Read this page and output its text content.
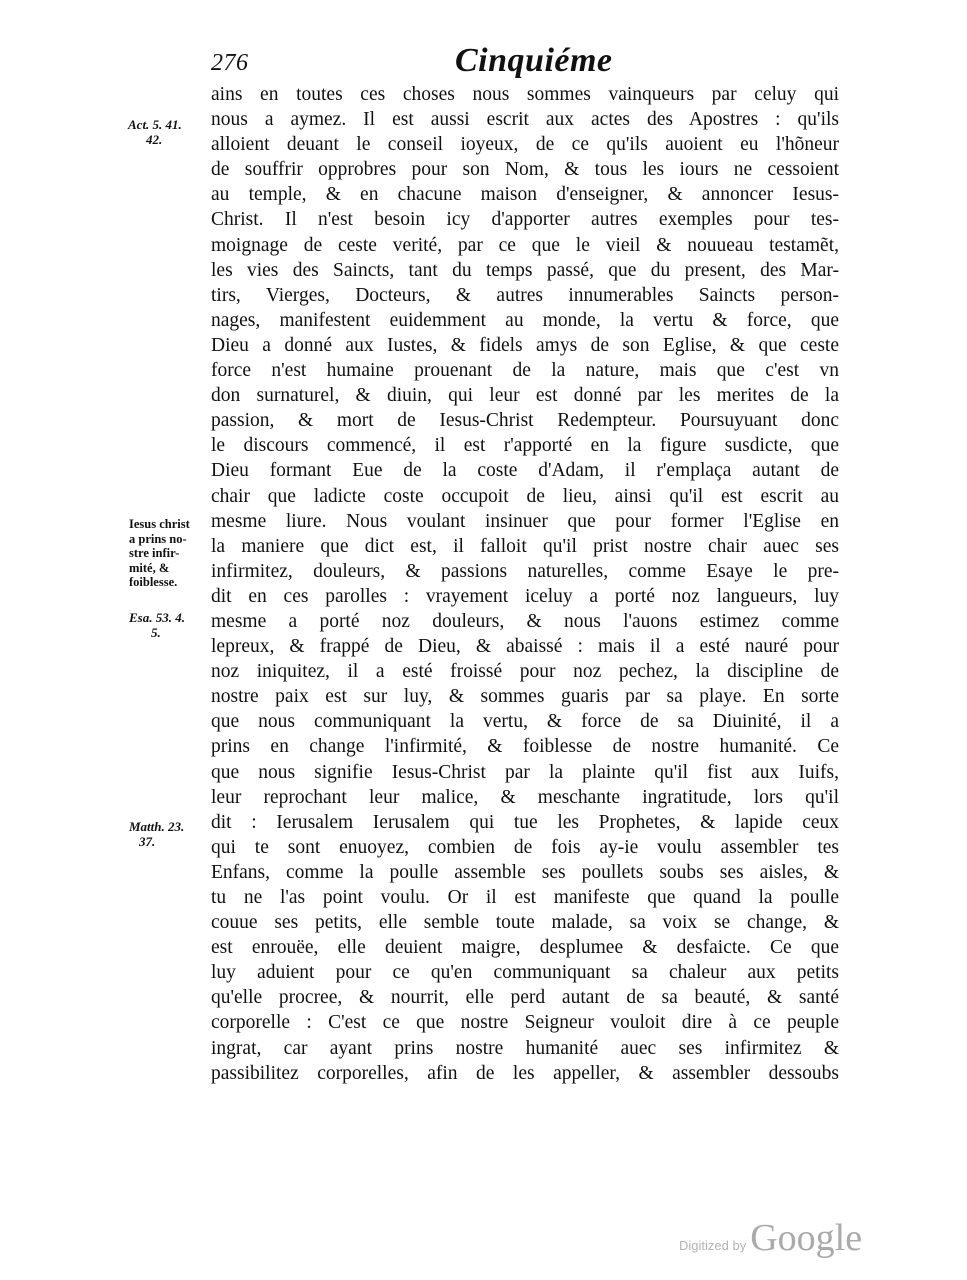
276	Cinquiéme
ains en toutes ces choses nous sommes vainqueurs par celuy qui
nous a aymez. Il est aussi escrit aux actes des Apostres : qu'ils
alloient deuant le conseil ioyeux, de ce qu'ils auoient eu l'hõneur
de souffrir opprobres pour son Nom, & tous les iours ne cessoient
au temple, & en chacune maison d'enseigner, & annoncer Iesus-
Christ. Il n'est besoin icy d'apporter autres exemples pour tes-
moignage de ceste verité, par ce que le vieil & nouueau testamẽt,
les vies des Saincts, tant du temps passé, que du present, des Mar-
tirs, Vierges, Docteurs, & autres innumerables Saincts person-
nages, manifestent euidemment au monde, la vertu & force, que
Dieu a donné aux Iustes, & fidels amys de son Eglise, & que ceste
force n'est humaine prouenant de la nature, mais que c'est vn
don surnaturel, & diuin, qui leur est donné par les merites de la
passion, & mort de Iesus-Christ Redempteur. Poursuyuant donc
le discours commencé, il est r'apporté en la figure susdicte, que
Dieu formant Eue de la coste d'Adam, il r'emplaça autant de
chair que ladicte coste occupoit de lieu, ainsi qu'il est escrit au
mesme liure. Nous voulant insinuer que pour former l'Eglise en
la maniere que dict est, il falloit qu'il prist nostre chair auec ses
infirmitez, douleurs, & passions naturelles, comme Esaye le pre-
dit en ces parolles : vrayement iceluy a porté noz langueurs, luy
mesme a porté noz douleurs, & nous l'auons estimez comme
lepreux, & frappé de Dieu, & abaissé : mais il a esté nauré pour
noz iniquitez, il a esté froissé pour noz pechez, la discipline de
nostre paix est sur luy, & sommes guaris par sa playe. En sorte
que nous communiquant la vertu, & force de sa Diuinité, il a
prins en change l'infirmité, & foiblesse de nostre humanité. Ce
que nous signifie Iesus-Christ par la plainte qu'il fist aux Iuifs,
leur reprochant leur malice, & meschante ingratitude, lors qu'il
dit : Ierusalem Ierusalem qui tue les Prophetes, & lapide ceux
qui te sont enuoyez, combien de fois ay-ie voulu assembler tes
Enfans, comme la poulle assemble ses poullets soubs ses aisles, &
tu ne l'as point voulu. Or il est manifeste que quand la poulle
couue ses petits, elle semble toute malade, sa voix se change, &
est enrouëe, elle deuient maigre, desplumee & desfaicte. Ce que
luy aduient pour ce qu'en communiquant sa chaleur aux petits
qu'elle procree, & nourrit, elle perd autant de sa beauté, & santé
corporelle : C'est ce que nostre Seigneur vouloit dire à ce peuple
ingrat, car ayant prins nostre humanité auec ses infirmitez &
passibilitez corporelles, afin de les appeller, & assembler dessoubs
Act. 5. 41.
42.
Iesus christ
a prins no-
stre infir-
mité, &
foiblesse.
Esa. 53. 4.
5.
Matth. 23.
37.
Digitized by Google
